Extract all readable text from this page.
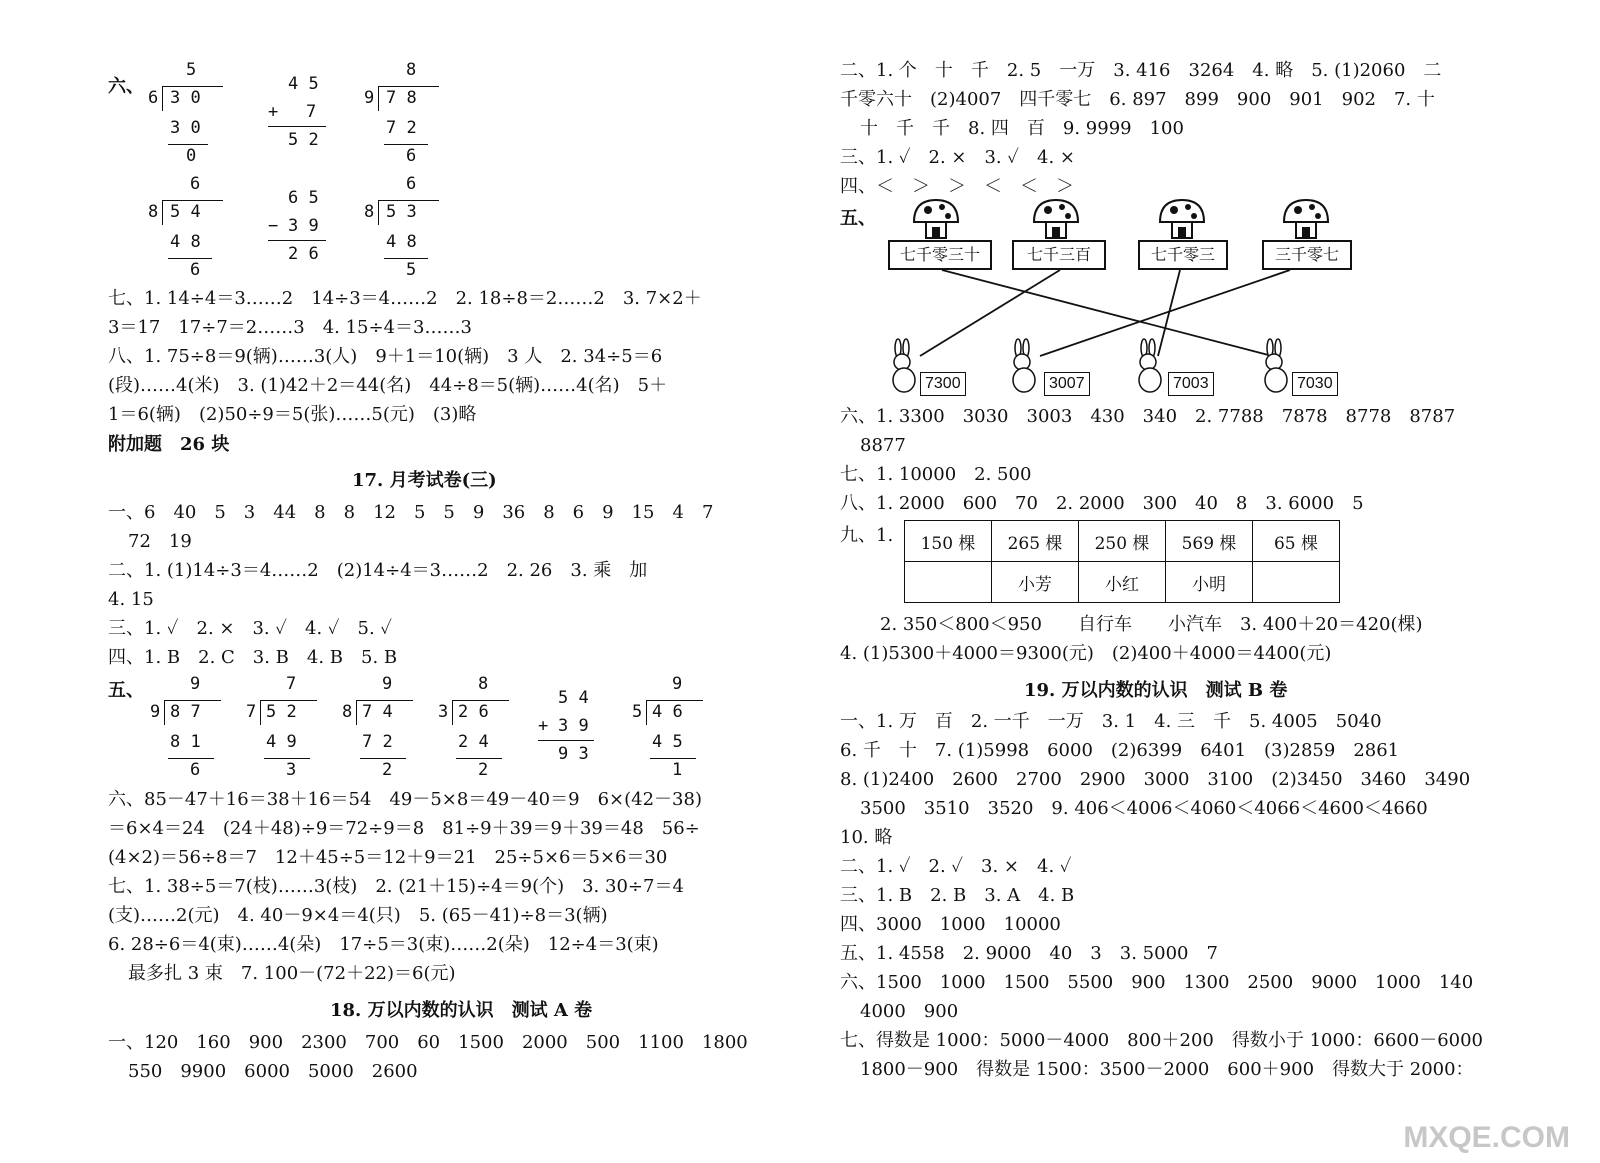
六、
5
6 3 0
3 0
0
4 5
+ 7
5 2
8
9 7 8
7 2
6
6
8 5 4
4 8
6
6 5
− 3 9
2 6
6
8 5 3
4 8
5
七、1. 14÷4＝3……2　14÷3＝4……2　2. 18÷8＝2……2　3. 7×2＋
3＝17　17÷7＝2……3　4. 15÷4＝3……3
八、1. 75÷8＝9(辆)……3(人)　9＋1＝10(辆)　3 人　2. 34÷5＝6
(段)……4(米)　3. (1)42＋2＝44(名)　44÷8＝5(辆)……4(名)　5＋
1＝6(辆)　(2)50÷9＝5(张)……5(元)　(3)略
附加题　26 块
17. 月考试卷(三)
一、6　40　5　3　44　8　8　12　5　5　9　36　8　6　9　15　4　7
72　19
二、1. (1)14÷3＝4……2　(2)14÷4＝3……2　2. 26　3. 乘　加
4. 15
三、1. ✓　2. ×　3. ✓　4. ✓　5. ✓
四、1. B　2. C　3. B　4. B　5. B
五、	9
9 8 7
8 1
6
7
7 5 2
4 9
3
9
8 7 4
7 2
2
8
3 2 6
2 4
2
5 4
+ 3 9
9 3
9
5 4 6
4 5
1
六、85－47＋16＝38＋16＝54　49－5×8＝49－40＝9　6×(42－38)
＝6×4＝24　(24＋48)÷9＝72÷9＝8　81÷9＋39＝9＋39＝48　56÷
(4×2)＝56÷8＝7　12＋45÷5＝12＋9＝21　25÷5×6＝5×6＝30
七、1. 38÷5＝7(枝)……3(枝)　2. (21＋15)÷4＝9(个)　3. 30÷7＝4
(支)……2(元)　4. 40－9×4＝4(只)　5. (65－41)÷8＝3(辆)
6. 28÷6＝4(束)……4(朵)　17÷5＝3(束)……2(朵)　12÷4＝3(束)
最多扎 3 束　7. 100－(72＋22)＝6(元)
18. 万以内数的认识　测试 A 卷
一、120　160　900　2300　700　60　1500　2000　500　1100　1800
550　9900　6000　5000　2600
二、1. 个　十　千　2. 5　一万　3. 416　3264　4. 略　5. (1)2060　二
千零六十　(2)4007　四千零七　6. 897　899　900　901　902　7. 十
十　千　千　8. 四　百　9. 9999　100
三、1. ✓　2. ×　3. ✓　4. ×
四、＜　＞　＞　＜　＜　＞
五、
七千零三十	七千三百	七千零三	三千零七
7300	3007	7003	7030
六、1. 3300　3030　3003　430　340　2. 7788　7878　8778　8787
8877
七、1. 10000　2. 500
八、1. 2000　600　70　2. 2000　300　40　8　3. 6000　5
九、1. 150 棵	265 棵	250 棵	569 棵	65 棵
	小芳	小红	小明	
2. 350＜800＜950　　自行车　　小汽车　3. 400＋20＝420(棵)
4. (1)5300＋4000＝9300(元)　(2)400＋4000＝4400(元)
19. 万以内数的认识　测试 B 卷
一、1. 万　百　2. 一千　一万　3. 1　4. 三　千　5. 4005　5040
6. 千　十　7. (1)5998　6000　(2)6399　6401　(3)2859　2861
8. (1)2400　2600　2700　2900　3000　3100　(2)3450　3460　3490
3500　3510　3520　9. 406＜4006＜4060＜4066＜4600＜4660
10. 略
二、1. ✓　2. ✓　3. ×　4. ✓
三、1. B　2. B　3. A　4. B
四、3000　1000　10000
五、1. 4558　2. 9000　40　3　3. 5000　7
六、1500　1000　1500　5500　900　1300　2500　9000　1000　140
4000　900
七、得数是 1000：5000－4000　800＋200　得数小于 1000：6600－6000
1800－900　得数是 1500：3500－2000　600＋900　得数大于 2000：
MXQE.COM
